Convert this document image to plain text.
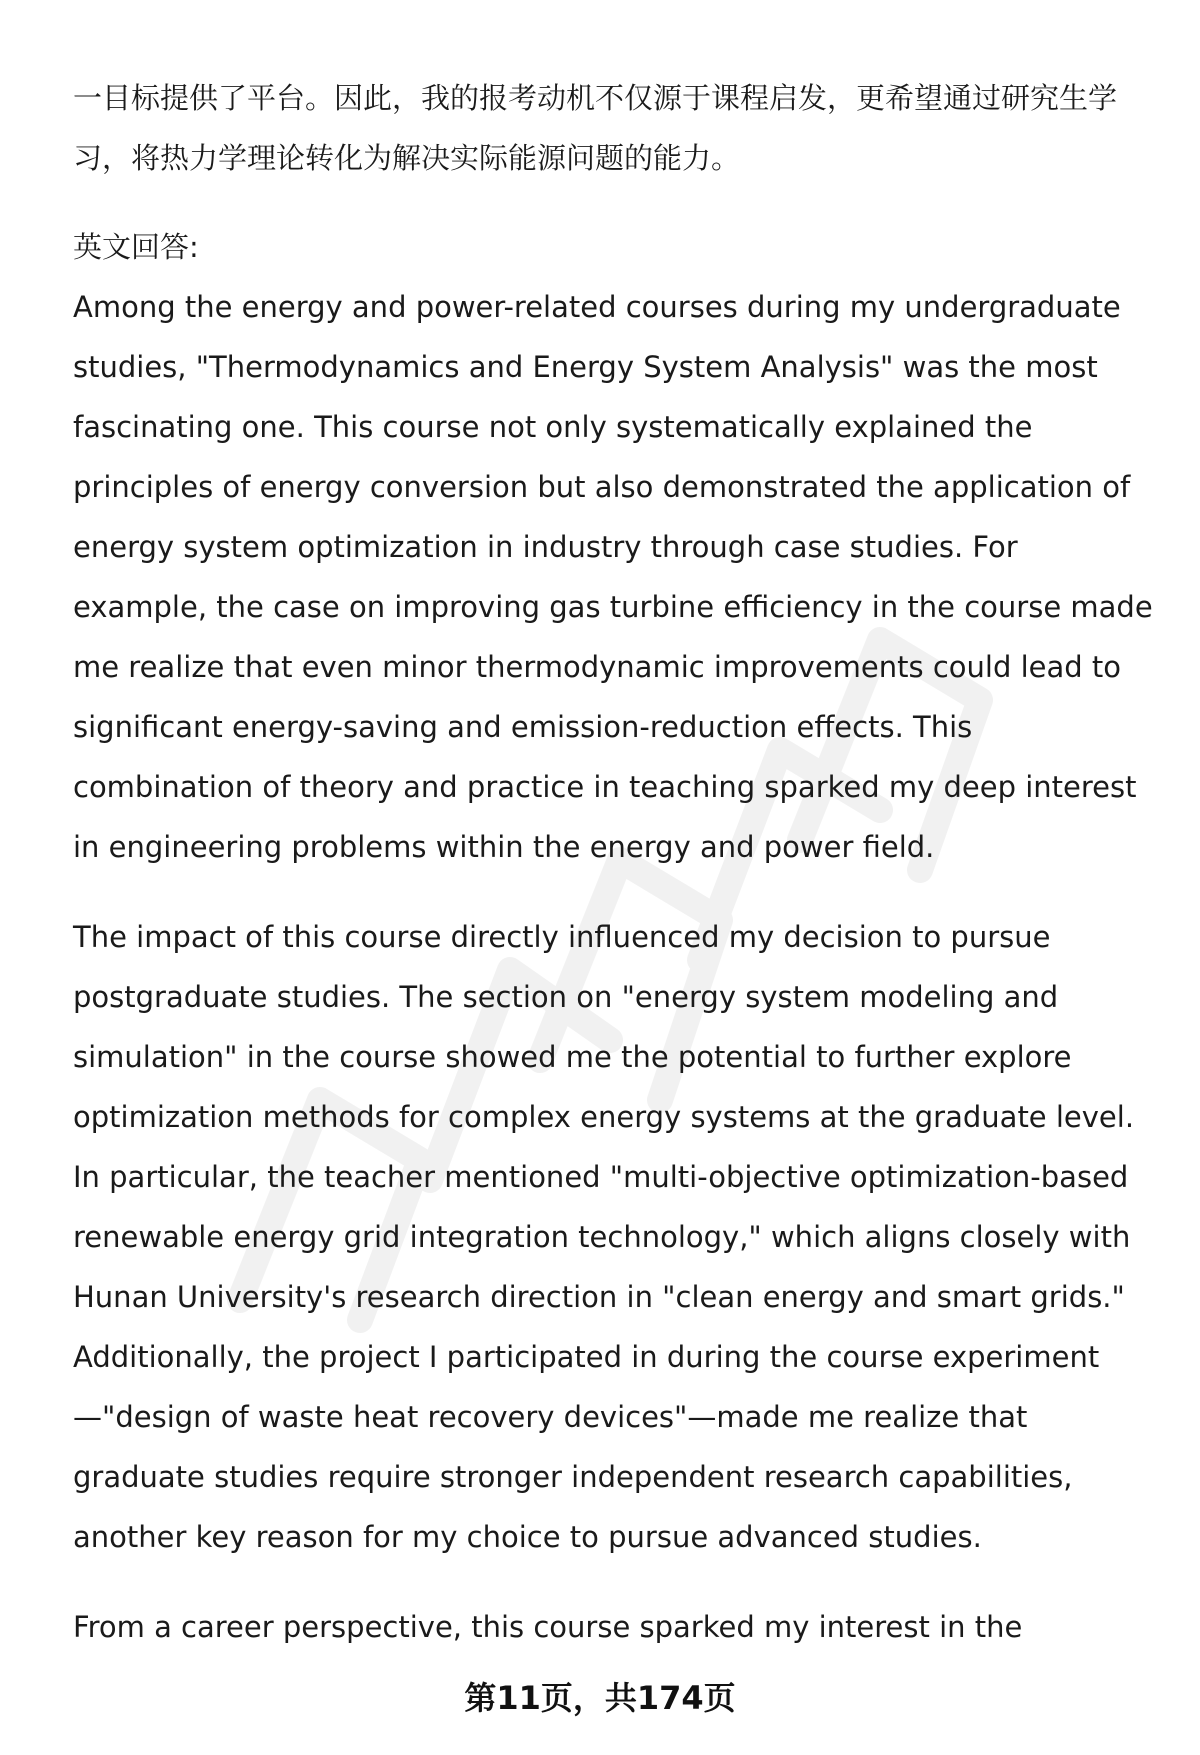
一目标提供了平台。因此，我的报考动机不仅源于课程启发，更希望通过研究生学习，将热力学理论转化为解决实际能源问题的能力。

英文回答:

Among the energy and power-related courses during my undergraduate studies, "Thermodynamics and Energy System Analysis" was the most fascinating one. This course not only systematically explained the principles of energy conversion but also demonstrated the application of energy system optimization in industry through case studies. For example, the case on improving gas turbine efficiency in the course made me realize that even minor thermodynamic improvements could lead to significant energy-saving and emission-reduction effects. This combination of theory and practice in teaching sparked my deep interest in engineering problems within the energy and power field.

The impact of this course directly influenced my decision to pursue postgraduate studies. The section on "energy system modeling and simulation" in the course showed me the potential to further explore optimization methods for complex energy systems at the graduate level. In particular, the teacher mentioned "multi-objective optimization-based renewable energy grid integration technology," which aligns closely with Hunan University's research direction in "clean energy and smart grids." Additionally, the project I participated in during the course experiment—"design of waste heat recovery devices"—made me realize that graduate studies require stronger independent research capabilities, another key reason for my choice to pursue advanced studies.

From a career perspective, this course sparked my interest in the

第11页，共174页
